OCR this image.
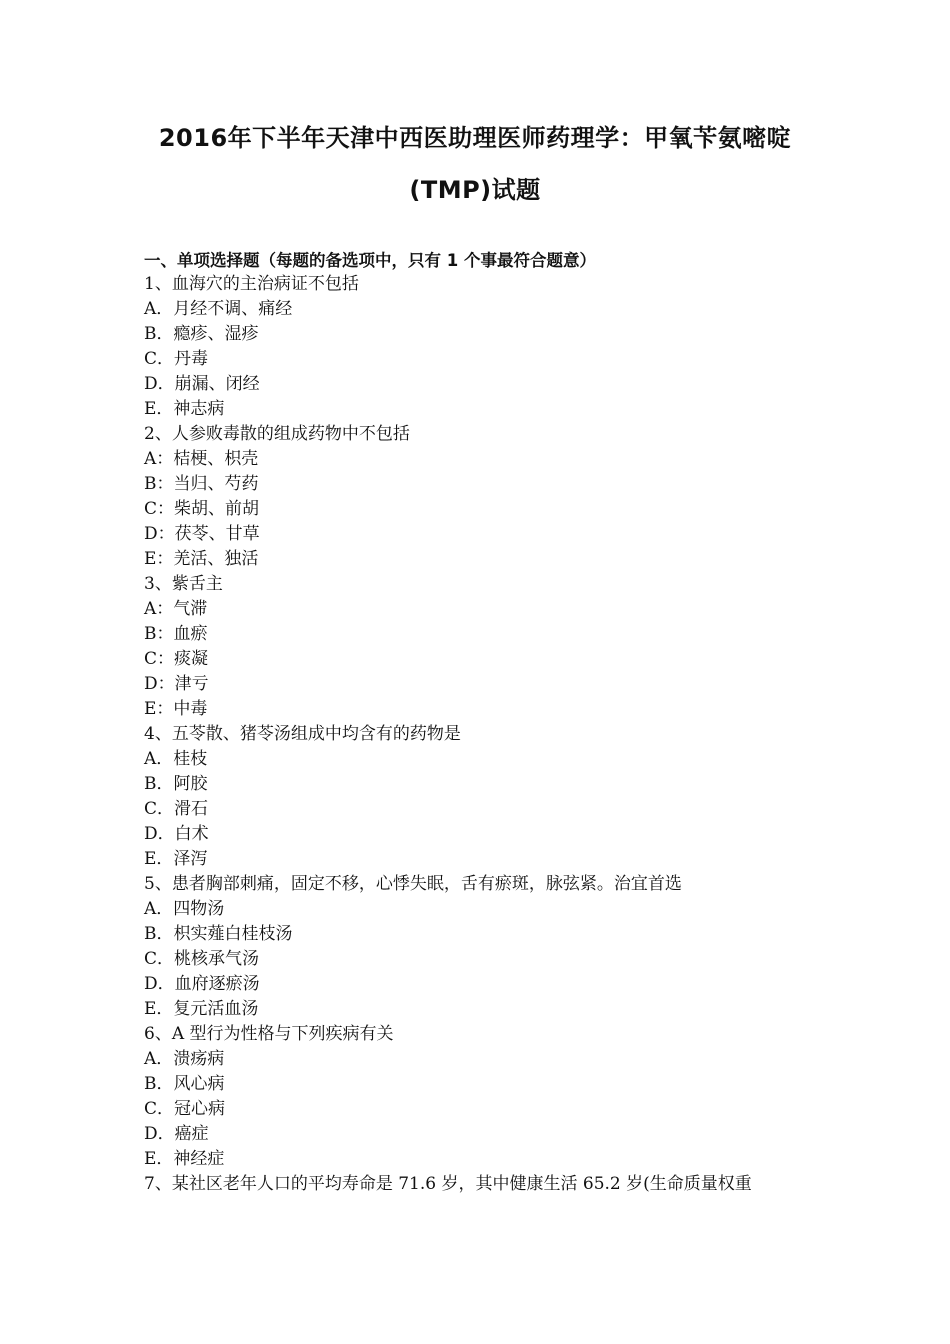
2016年下半年天津中西医助理医师药理学：甲氧苄氨嘧啶
(TMP)试题
一、单项选择题（每题的备选项中，只有 1 个事最符合题意）
1、血海穴的主治病证不包括
A．月经不调、痛经
B．瘾疹、湿疹
C．丹毒
D．崩漏、闭经
E．神志病
2、人参败毒散的组成药物中不包括
A：桔梗、枳壳
B：当归、芍药
C：柴胡、前胡
D：茯苓、甘草
E：羌活、独活
3、紫舌主
A：气滞
B：血瘀
C：痰凝
D：津亏
E：中毒
4、五苓散、猪苓汤组成中均含有的药物是
A．桂枝
B．阿胶
C．滑石
D．白术
E．泽泻
5、患者胸部刺痛，固定不移，心悸失眠，舌有瘀斑，脉弦紧。治宜首选
A．四物汤
B．枳实薤白桂枝汤
C．桃核承气汤
D．血府逐瘀汤
E．复元活血汤
6、A 型行为性格与下列疾病有关
A．溃疡病
B．风心病
C．冠心病
D．癌症
E．神经症
7、某社区老年人口的平均寿命是 71.6 岁，其中健康生活 65.2 岁(生命质量权重
